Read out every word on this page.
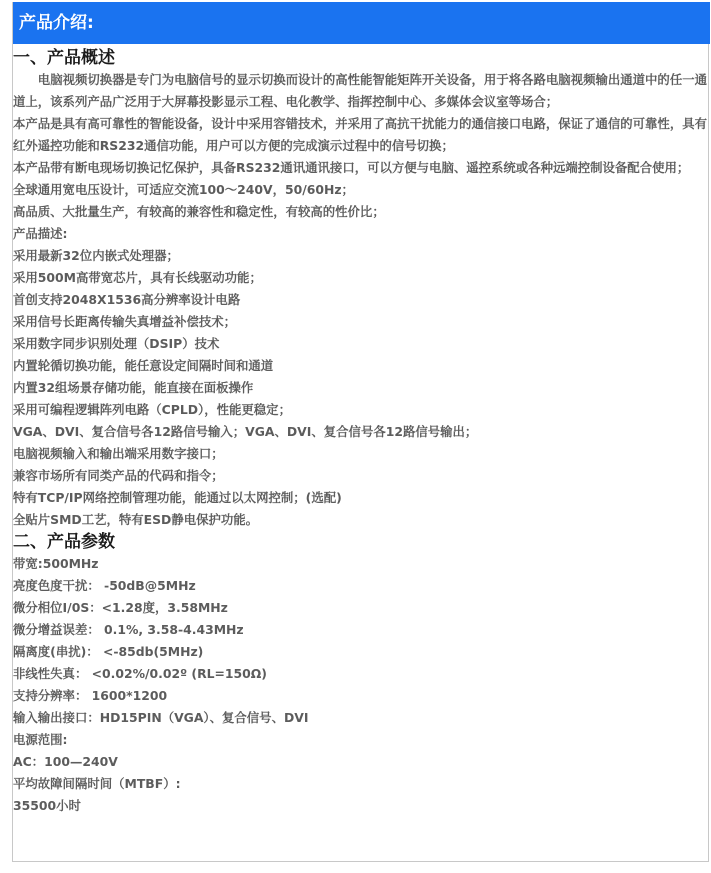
产品介绍:
一、产品概述

电脑视频切换器是专门为电脑信号的显示切换而设计的高性能智能矩阵开关设备，用于将各路电脑视频输出通道中的任一通道上，该系列产品广泛用于大屏幕投影显示工程、电化教学、指挥控制中心、多媒体会议室等场合；

本产品是具有高可靠性的智能设备，设计中采用容错技术，并采用了高抗干扰能力的通信接口电路，保证了通信的可靠性，具有红外遥控功能和RS232通信功能，用户可以方便的完成演示过程中的信号切换；

本产品带有断电现场切换记忆保护，具备RS232通讯通讯接口，可以方便与电脑、遥控系统或各种远端控制设备配合使用；

全球通用宽电压设计，可适应交流100～240V，50/60Hz；
高品质、大批量生产，有较高的兼容性和稳定性，有较高的性价比；
产品描述:
采用最新32位内嵌式处理器；
采用500M高带宽芯片，具有长线驱动功能；
首创支持2048X1536高分辨率设计电路
采用信号长距离传输失真增益补偿技术；
采用数字同步识别处理（DSIP）技术
内置轮循切换功能，能任意设定间隔时间和通道
内置32组场景存储功能，能直接在面板操作
采用可编程逻辑阵列电路（CPLD），性能更稳定；
VGA、DVI、复合信号各12路信号输入；VGA、DVI、复合信号各12路信号输出；
电脑视频输入和输出端采用数字接口；
兼容市场所有同类产品的代码和指令；
特有TCP/IP网络控制管理功能，能通过以太网控制；(选配)
全贴片SMD工艺，特有ESD静电保护功能。
二、产品参数
带宽:500MHz
亮度色度干扰： -50dB@5MHz
微分相位I/0S：<1.28度，3.58MHz
微分增益误差： 0.1%, 3.58-4.43MHz
隔离度(串扰)： <-85db(5MHz)
非线性失真： <0.02%/0.02º (RL=150Ω)
支持分辨率： 1600*1200
输入输出接口：HD15PIN（VGA）、复合信号、DVI
电源范围:
AC：100—240V
平均故障间隔时间（MTBF）:
35500小时
